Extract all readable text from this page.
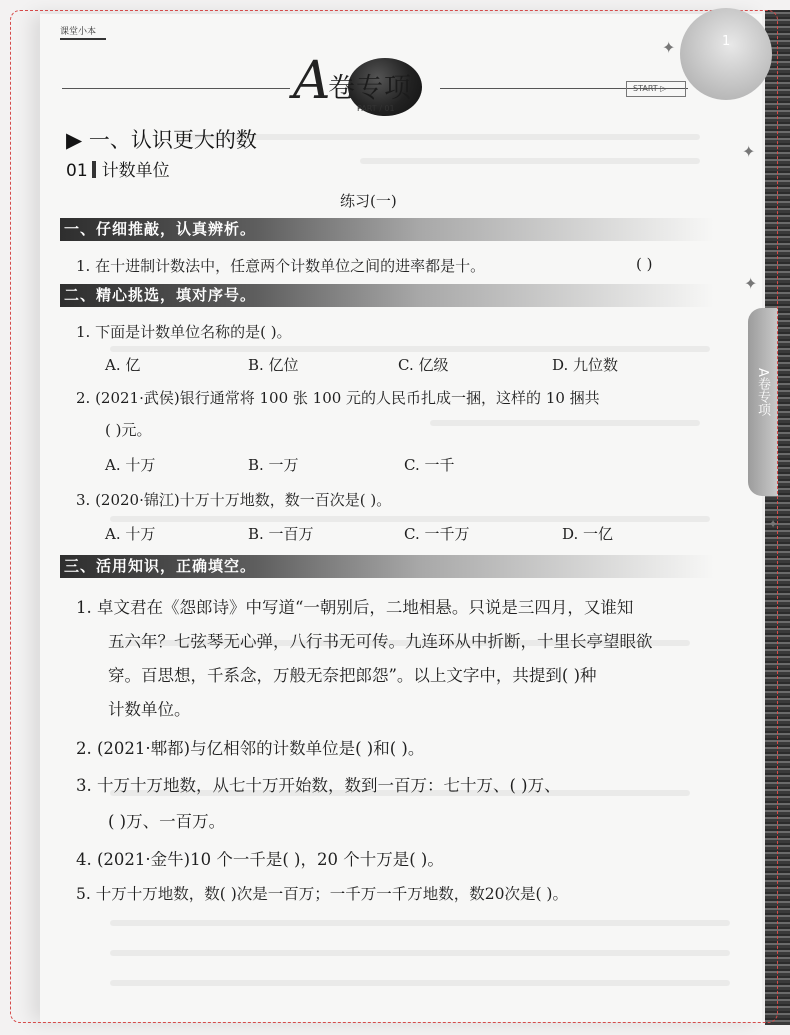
A卷专项
课堂小本
1
✦
✦
✦
✦
A
卷专项
PART / 01
START ▷
▶ 一、认识更大的数
01 计数单位
练习(一)
一、仔细推敲，认真辨析。
1. 在十进制计数法中，任意两个计数单位之间的进率都是十。	( )
二、精心挑选，填对序号。
1. 下面是计数单位名称的是( )。
A. 亿	B. 亿位	C. 亿级	D. 九位数
2. (2021·武侯)银行通常将 100 张 100 元的人民币扎成一捆，这样的 10 捆共
( )元。
A. 十万	B. 一万	C. 一千
3. (2020·锦江)十万十万地数，数一百次是( )。
A. 十万	B. 一百万	C. 一千万	D. 一亿
三、活用知识，正确填空。
1. 卓文君在《怨郎诗》中写道“一朝别后，二地相悬。只说是三四月，又谁知
五六年？七弦琴无心弹，八行书无可传。九连环从中折断，十里长亭望眼欲
穿。百思想，千系念，万般无奈把郎怨”。以上文字中，共提到( )种
计数单位。
2. (2021·郫都)与亿相邻的计数单位是( )和( )。
3. 十万十万地数，从七十万开始数，数到一百万：七十万、( )万、
( )万、一百万。
4. (2021·金牛)10 个一千是( )，20 个十万是( )。
5. 十万十万地数，数( )次是一百万；一千万一千万地数，数20次是( )。
